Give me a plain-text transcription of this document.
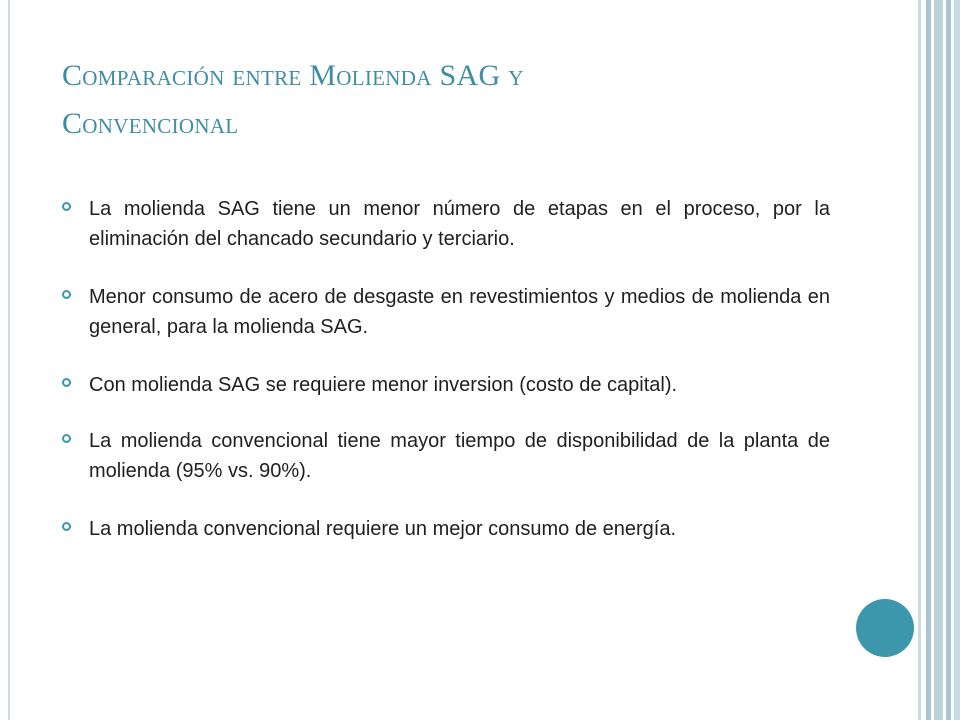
Comparación entre Molienda SAG y
Convencional
La molienda SAG tiene un menor número de etapas en el proceso, por la eliminación del chancado secundario y terciario.
Menor consumo de acero de desgaste en revestimientos y medios de molienda en general, para la molienda SAG.
Con molienda SAG se requiere menor inversion (costo de capital).
La molienda convencional tiene mayor tiempo de disponibilidad de la planta de molienda (95% vs. 90%).
La molienda convencional requiere un mejor consumo de energía.
